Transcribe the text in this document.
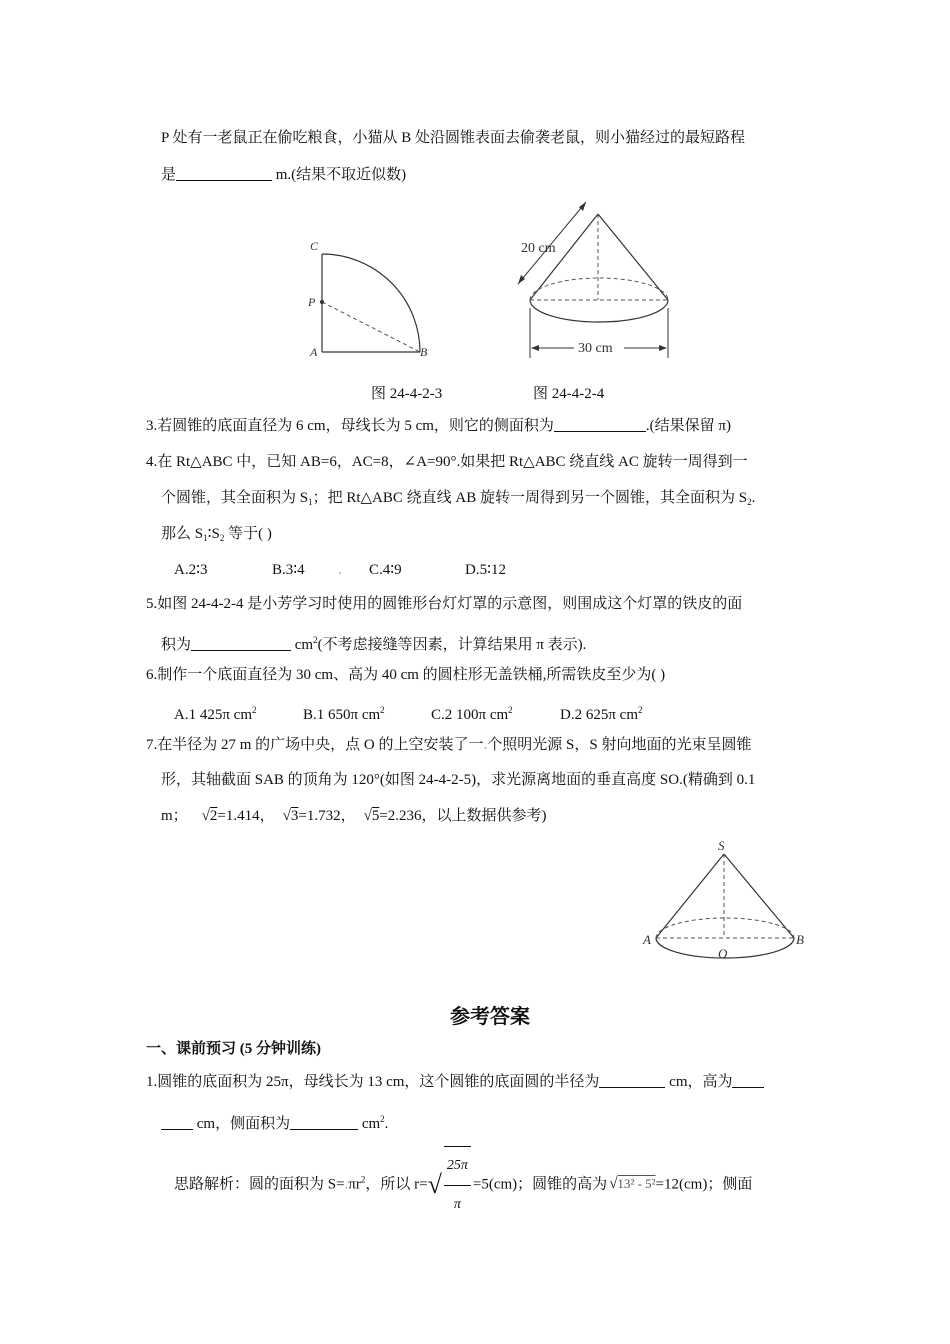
P 处有一老鼠正在偷吃粮食，小猫从 B 处沿圆锥表面去偷袭老鼠，则小猫经过的最短路程
是	m.(结果不取近似数)
C
P
A	B
20 cm
30 cm
图 24-4-2-3	图 24-4-2-4
3.若圆锥的底面直径为 6 cm，母线长为 5 cm，则它的侧面积为	.(结果保留 π)
4.在 Rt△ABC 中，已知 AB=6，AC=8，∠A=90°.如果把 Rt△ABC 绕直线 AC 旋转一周得到一
个圆锥，其全面积为 $S_1$；把 Rt△ABC 绕直线 AB 旋转一周得到另一个圆锥，其全面积为 $S_2$.
那么 $S_1∶S_2$ 等于( )
A.2∶3	B.3∶4 . C.4∶9	D.5∶12
5.如图 24-4-2-4 是小芳学习时使用的圆锥形台灯灯罩的示意图，则围成这个灯罩的铁皮的面
积为	$cm^2$(不考虑接缝等因素，计算结果用 π 表示).
6.制作一个底面直径为 30 cm、高为 40 cm 的圆柱形无盖铁桶,所需铁皮至少为( )
A.1 425π $cm^2$	B.1 650π $cm^2$	C.2 100π $cm^2$	D.2 625π $cm^2$
7.在半径为 27 m 的广场中央，点 O 的上空安装了一.个照明光源 S，S 射向地面的光束呈圆锥
形，其轴截面 SAB 的顶角为 120°(如图 24-4-2-5)，求光源离地面的垂直高度 SO.(精确到 0.1
m； √2=1.414， √3=1.732， √5=2.236，以上数据供参考)
S
A	B
O
参考答案
一、课前预习 (5 分钟训练)
1.圆锥的底面积为 25π，母线长为 13 cm，这个圆锥的底面圆的半径为	cm，高为
cm，侧面积为	$cm^2$.
思路解析：圆的面积为 $S=.\pi r^2$，所以 $r=√ \frac{25\pi}{\pi} =5(cm)$；圆锥的高为 √13² - 5²=12(cm)；侧面
